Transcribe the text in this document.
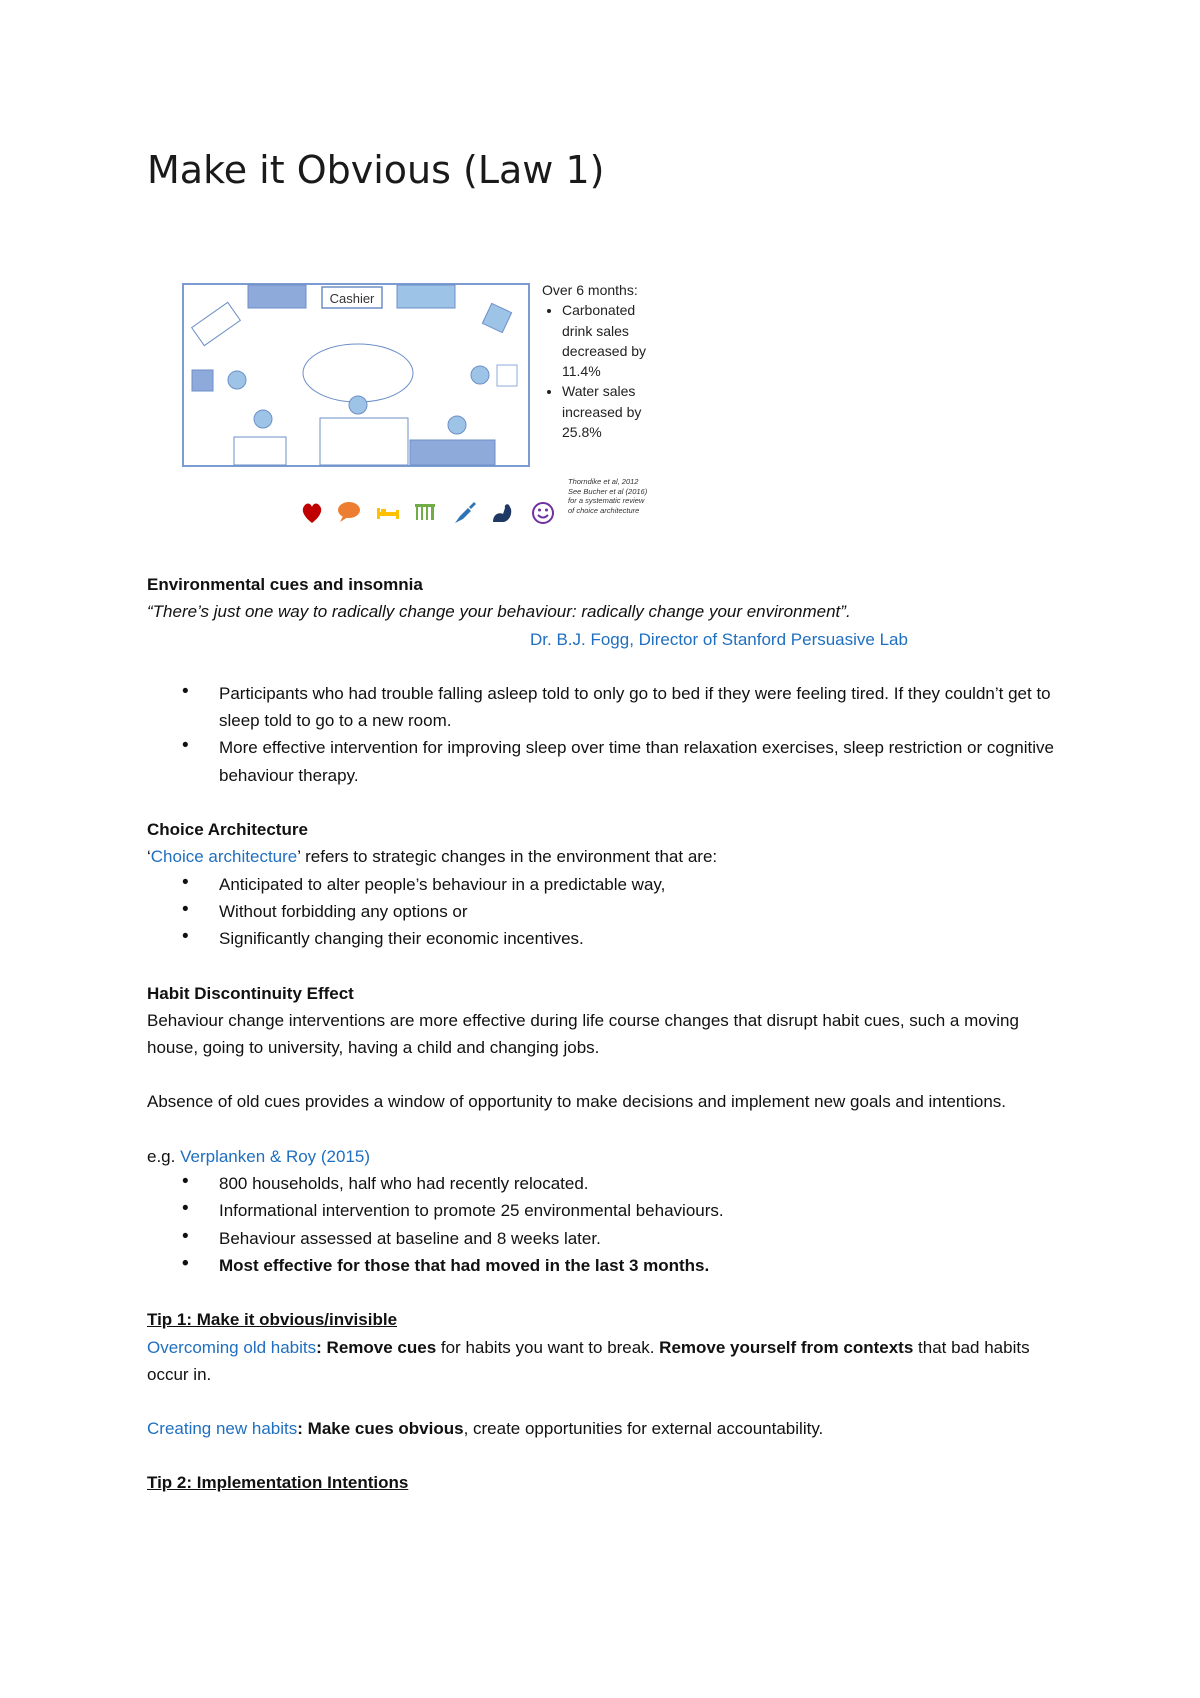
Make it Obvious (Law 1)
Cashier
Over 6 months:
• Carbonated drink sales decreased by 11.4%
• Water sales increased by 25.8%
Thorndike et al, 2012
See Bucher et al (2016)
for a systematic review
of choice architecture

Environmental cues and insomnia

“There’s just one way to radically change your behaviour: radically change your environment”.

Dr. B.J. Fogg, Director of Stanford Persuasive Lab

• Participants who had trouble falling asleep told to only go to bed if they were feeling tired. If they couldn’t get to sleep told to go to a new room.
• More effective intervention for improving sleep over time than relaxation exercises, sleep restriction or cognitive behaviour therapy.

Choice Architecture

‘Choice architecture’ refers to strategic changes in the environment that are:

• Anticipated to alter people’s behaviour in a predictable way,
• Without forbidding any options or
• Significantly changing their economic incentives.

Habit Discontinuity Effect

Behaviour change interventions are more effective during life course changes that disrupt habit cues, such a moving house, going to university, having a child and changing jobs.

Absence of old cues provides a window of opportunity to make decisions and implement new goals and intentions.

e.g. Verplanken & Roy (2015)

• 800 households, half who had recently relocated.
• Informational intervention to promote 25 environmental behaviours.
• Behaviour assessed at baseline and 8 weeks later.
• Most effective for those that had moved in the last 3 months.

Tip 1: Make it obvious/invisible

Overcoming old habits: Remove cues for habits you want to break. Remove yourself from contexts that bad habits occur in.

Creating new habits: Make cues obvious, create opportunities for external accountability.

Tip 2: Implementation Intentions
